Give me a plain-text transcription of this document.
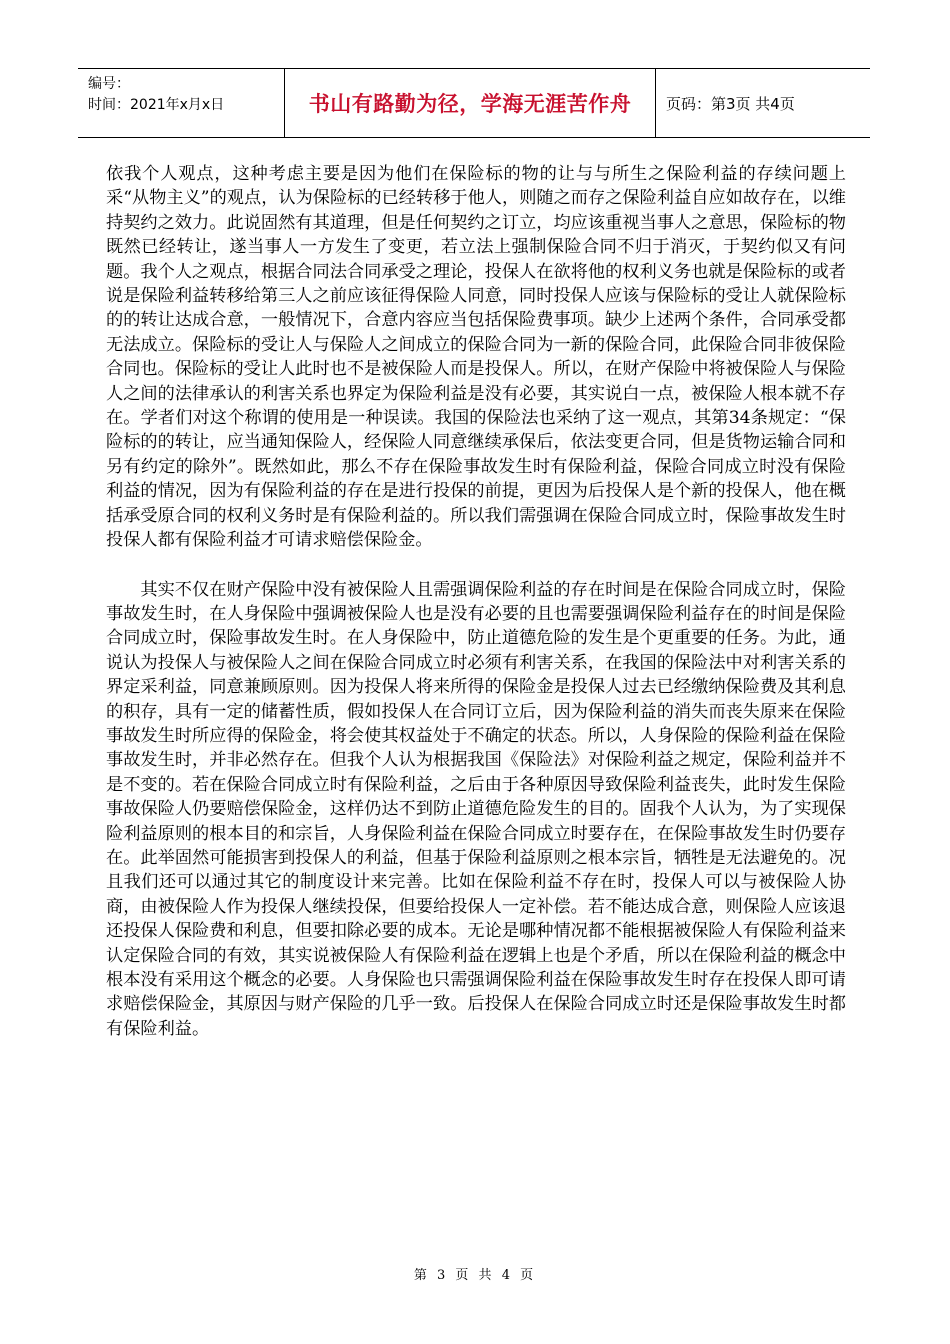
编号：
时间：2021年x月x日	书山有路勤为径，学海无涯苦作舟	页码：第3页 共4页

依我个人观点，这种考虑主要是因为他们在保险标的物的让与与所生之保险利益的存续问题上采“从物主义”的观点，认为保险标的已经转移于他人，则随之而存之保险利益自应如故存在，以维持契约之效力。此说固然有其道理，但是任何契约之订立，均应该重视当事人之意思，保险标的物既然已经转让，遂当事人一方发生了变更，若立法上强制保险合同不归于消灭，于契约似又有问题。我个人之观点，根据合同法合同承受之理论，投保人在欲将他的权利义务也就是保险标的或者说是保险利益转移给第三人之前应该征得保险人同意，同时投保人应该与保险标的受让人就保险标的的转让达成合意，一般情况下，合意内容应当包括保险费事项。缺少上述两个条件，合同承受都无法成立。保险标的受让人与保险人之间成立的保险合同为一新的保险合同，此保险合同非彼保险合同也。保险标的受让人此时也不是被保险人而是投保人。所以，在财产保险中将被保险人与保险人之间的法律承认的利害关系也界定为保险利益是没有必要，其实说白一点，被保险人根本就不存在。学者们对这个称谓的使用是一种误读。我国的保险法也采纳了这一观点，其第34条规定：“保险标的的转让，应当通知保险人，经保险人同意继续承保后，依法变更合同，但是货物运输合同和另有约定的除外”。既然如此，那么不存在保险事故发生时有保险利益，保险合同成立时没有保险利益的情况，因为有保险利益的存在是进行投保的前提，更因为后投保人是个新的投保人，他在概括承受原合同的权利义务时是有保险利益的。所以我们需强调在保险合同成立时，保险事故发生时投保人都有保险利益才可请求赔偿保险金。

其实不仅在财产保险中没有被保险人且需强调保险利益的存在时间是在保险合同成立时，保险事故发生时，在人身保险中强调被保险人也是没有必要的且也需要强调保险利益存在的时间是保险合同成立时，保险事故发生时。在人身保险中，防止道德危险的发生是个更重要的任务。为此，通说认为投保人与被保险人之间在保险合同成立时必须有利害关系，在我国的保险法中对利害关系的界定采利益，同意兼顾原则。因为投保人将来所得的保险金是投保人过去已经缴纳保险费及其利息的积存，具有一定的储蓄性质，假如投保人在合同订立后，因为保险利益的消失而丧失原来在保险事故发生时所应得的保险金，将会使其权益处于不确定的状态。所以，人身保险的保险利益在保险事故发生时，并非必然存在。但我个人认为根据我国《保险法》对保险利益之规定，保险利益并不是不变的。若在保险合同成立时有保险利益，之后由于各种原因导致保险利益丧失，此时发生保险事故保险人仍要赔偿保险金，这样仍达不到防止道德危险发生的目的。固我个人认为，为了实现保险利益原则的根本目的和宗旨，人身保险利益在保险合同成立时要存在，在保险事故发生时仍要存在。此举固然可能损害到投保人的利益，但基于保险利益原则之根本宗旨，牺牲是无法避免的。况且我们还可以通过其它的制度设计来完善。比如在保险利益不存在时，投保人可以与被保险人协商，由被保险人作为投保人继续投保，但要给投保人一定补偿。若不能达成合意，则保险人应该退还投保人保险费和利息，但要扣除必要的成本。无论是哪种情况都不能根据被保险人有保险利益来认定保险合同的有效，其实说被保险人有保险利益在逻辑上也是个矛盾，所以在保险利益的概念中根本没有采用这个概念的必要。人身保险也只需强调保险利益在保险事故发生时存在投保人即可请求赔偿保险金，其原因与财产保险的几乎一致。后投保人在保险合同成立时还是保险事故发生时都有保险利益。

第 3 页 共 4 页
